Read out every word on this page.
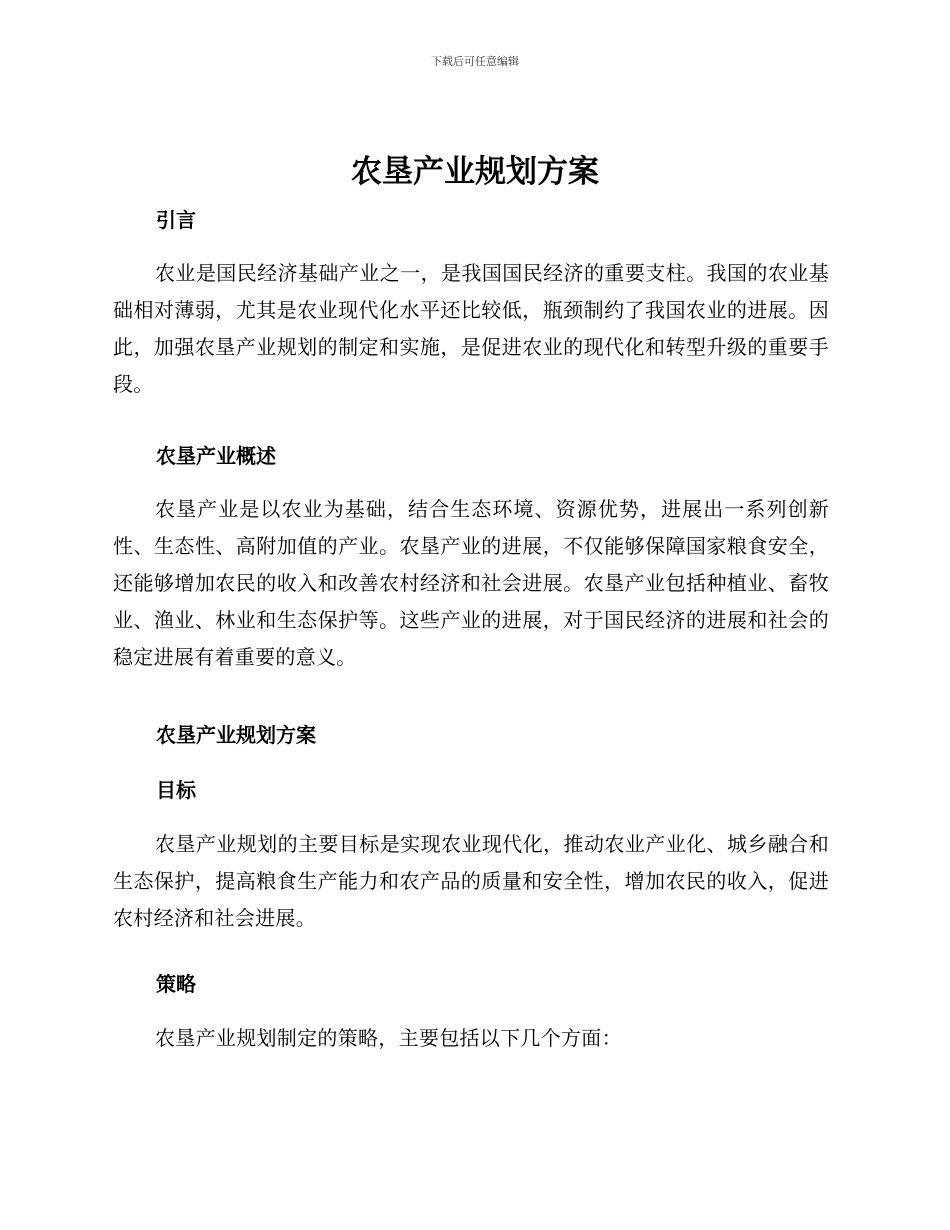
下载后可任意编辑
农垦产业规划方案
引言

农业是国民经济基础产业之一，是我国国民经济的重要支柱。我国的农业基础相对薄弱，尤其是农业现代化水平还比较低，瓶颈制约了我国农业的进展。因此，加强农垦产业规划的制定和实施，是促进农业的现代化和转型升级的重要手段。

农垦产业概述

农垦产业是以农业为基础，结合生态环境、资源优势，进展出一系列创新性、生态性、高附加值的产业。农垦产业的进展，不仅能够保障国家粮食安全，还能够增加农民的收入和改善农村经济和社会进展。农垦产业包括种植业、畜牧业、渔业、林业和生态保护等。这些产业的进展，对于国民经济的进展和社会的稳定进展有着重要的意义。

农垦产业规划方案
目标

农垦产业规划的主要目标是实现农业现代化，推动农业产业化、城乡融合和生态保护，提高粮食生产能力和农产品的质量和安全性，增加农民的收入，促进农村经济和社会进展。

策略

农垦产业规划制定的策略，主要包括以下几个方面：
